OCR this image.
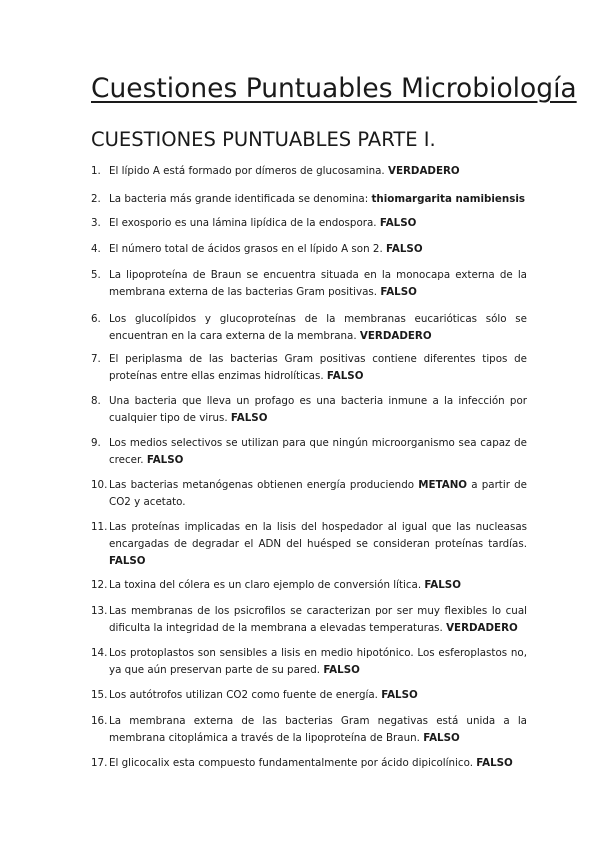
Cuestiones Puntuables Microbiología
CUESTIONES PUNTUABLES PARTE I.
1. El lípido A está formado por dímeros de glucosamina. VERDADERO
2. La bacteria más grande identificada se denomina: thiomargarita namibiensis
3. El exosporio es una lámina lipídica de la endospora. FALSO
4. El número total de ácidos grasos en el lípido A son 2. FALSO
5. La lipoproteína de Braun se encuentra situada en la monocapa externa de la membrana externa de las bacterias Gram positivas. FALSO
6. Los glucolípidos y glucoproteínas de la membranas eucarióticas sólo se encuentran en la cara externa de la membrana. VERDADERO
7. El periplasma de las bacterias Gram positivas contiene diferentes tipos de proteínas entre ellas enzimas hidrolíticas. FALSO
8. Una bacteria que lleva un profago es una bacteria inmune a la infección por cualquier tipo de virus. FALSO
9. Los medios selectivos se utilizan para que ningún microorganismo sea capaz de crecer. FALSO
10. Las bacterias metanógenas obtienen energía produciendo METANO a partir de CO2 y acetato.
11. Las proteínas implicadas en la lisis del hospedador al igual que las nucleasas encargadas de degradar el ADN del huésped se consideran proteínas tardías. FALSO
12. La toxina del cólera es un claro ejemplo de conversión lítica. FALSO
13. Las membranas de los psicrofilos se caracterizan por ser muy flexibles lo cual dificulta la integridad de la membrana a elevadas temperaturas. VERDADERO
14. Los protoplastos son sensibles a lisis en medio hipotónico. Los esferoplastos no, ya que aún preservan parte de su pared. FALSO
15. Los autótrofos utilizan CO2 como fuente de energía. FALSO
16. La membrana externa de las bacterias Gram negativas está unida a la membrana citoplámica a través de la lipoproteína de Braun. FALSO
17. El glicocalix esta compuesto fundamentalmente por ácido dipicolínico. FALSO
